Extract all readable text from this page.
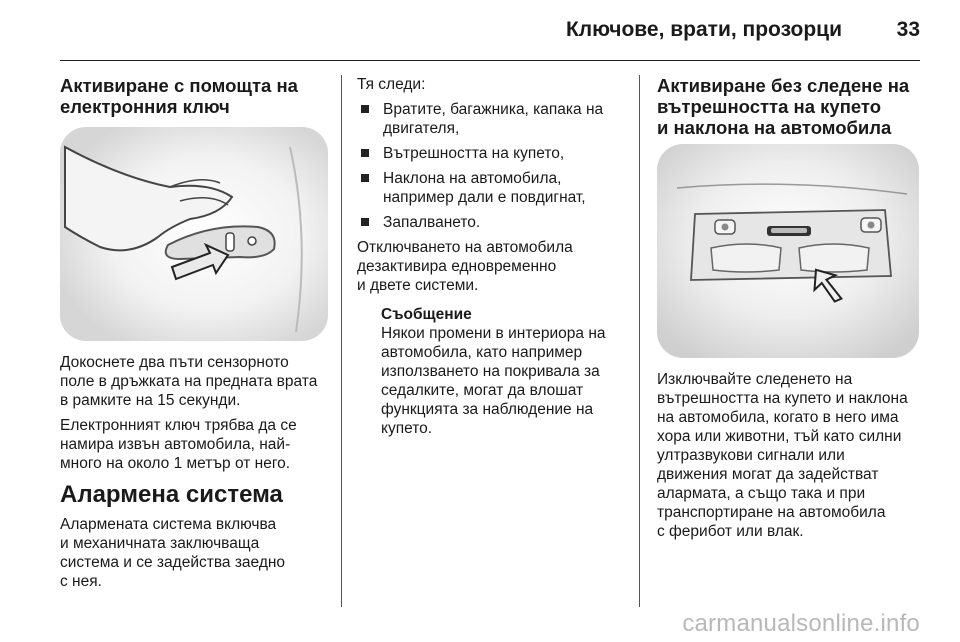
Ключове, врати, прозорци	33
Активиране с помощта на
електронния ключ
Докоснете два пъти сензорното
поле в дръжката на предната врата
в рамките на 15 секунди.
Електронният ключ трябва да се
намира извън автомобила, най-
много на около 1 метър от него.
Алармена система
Алармената система включва
и механичната заключваща
система и се задейства заедно
с нея.
Тя следи:
Вратите, багажника, капака на
двигателя,
Вътрешността на купето,
Наклона на автомобила,
например дали е повдигнат,
Запалването.
Отключването на автомобила
дезактивира едновременно
и двете системи.
Съобщение
Някои промени в интериора на
автомобила, като например
използването на покривала за
седалките, могат да влошат
функцията за наблюдение на
купето.
Активиране без следене на
вътрешността на купето
и наклона на автомобила
Изключвайте следенето на
вътрешността на купето и наклона
на автомобила, когато в него има
хора или животни, тъй като силни
ултразвукови сигнали или
движения могат да задействат
алармата, а също така и при
транспортиране на автомобила
с ферибот или влак.
carmanualsonline.info
